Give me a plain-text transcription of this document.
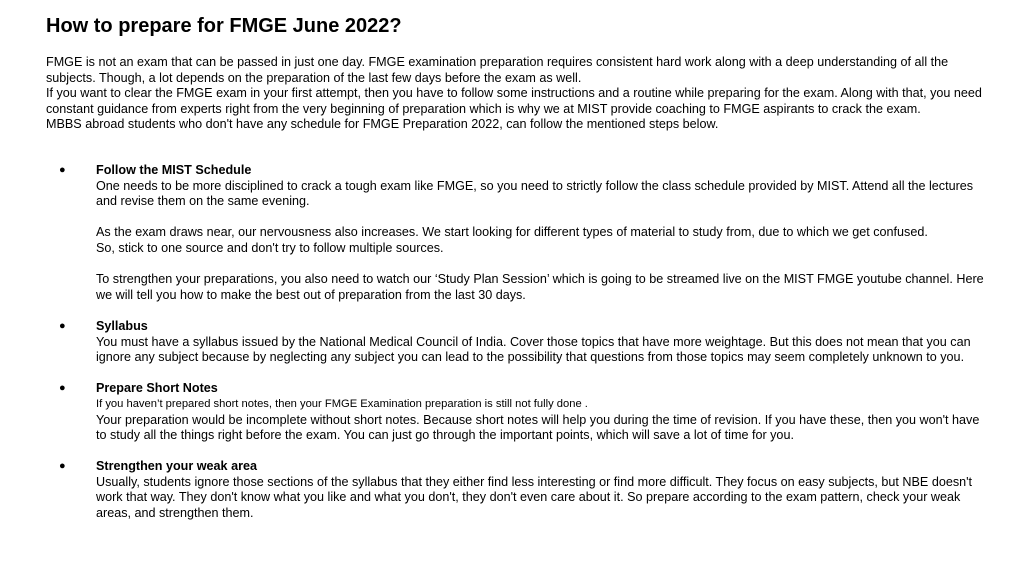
How to prepare for FMGE June 2022?

FMGE is not an exam that can be passed in just one day. FMGE examination preparation requires consistent hard work along with a deep understanding of all the subjects. Though, a lot depends on the preparation of the last few days before the exam as well.

If you want to clear the FMGE exam in your first attempt, then you have to follow some instructions and a routine while preparing for the exam. Along with that, you need constant guidance from experts right from the very beginning of preparation which is why we at MIST provide coaching to FMGE aspirants to crack the exam.

MBBS abroad students who don't have any schedule for FMGE Preparation 2022, can follow the mentioned steps below.

● Follow the MIST Schedule

One needs to be more disciplined to crack a tough exam like FMGE, so you need to strictly follow the class schedule provided by MIST. Attend all the lectures and revise them on the same evening.

As the exam draws near, our nervousness also increases. We start looking for different types of material to study from, due to which we get confused.

So, stick to one source and don't try to follow multiple sources.

To strengthen your preparations, you also need to watch our ‘Study Plan Session’ which is going to be streamed live on the MIST FMGE youtube channel. Here we will tell you how to make the best out of preparation from the last 30 days.

● Syllabus

You must have a syllabus issued by the National Medical Council of India. Cover those topics that have more weightage. But this does not mean that you can ignore any subject because by neglecting any subject you can lead to the possibility that questions from those topics may seem completely unknown to you.

● Prepare Short Notes

If you haven’t prepared short notes, then your FMGE Examination preparation is still not fully done .

Your preparation would be incomplete without short notes. Because short notes will help you during the time of revision. If you have these, then you won't have to study all the things right before the exam. You can just go through the important points, which will save a lot of time for you.

● Strengthen your weak area

Usually, students ignore those sections of the syllabus that they either find less interesting or find more difficult. They focus on easy subjects, but NBE doesn't work that way. They don't know what you like and what you don't, they don't even care about it. So prepare according to the exam pattern, check your weak areas, and strengthen them.
